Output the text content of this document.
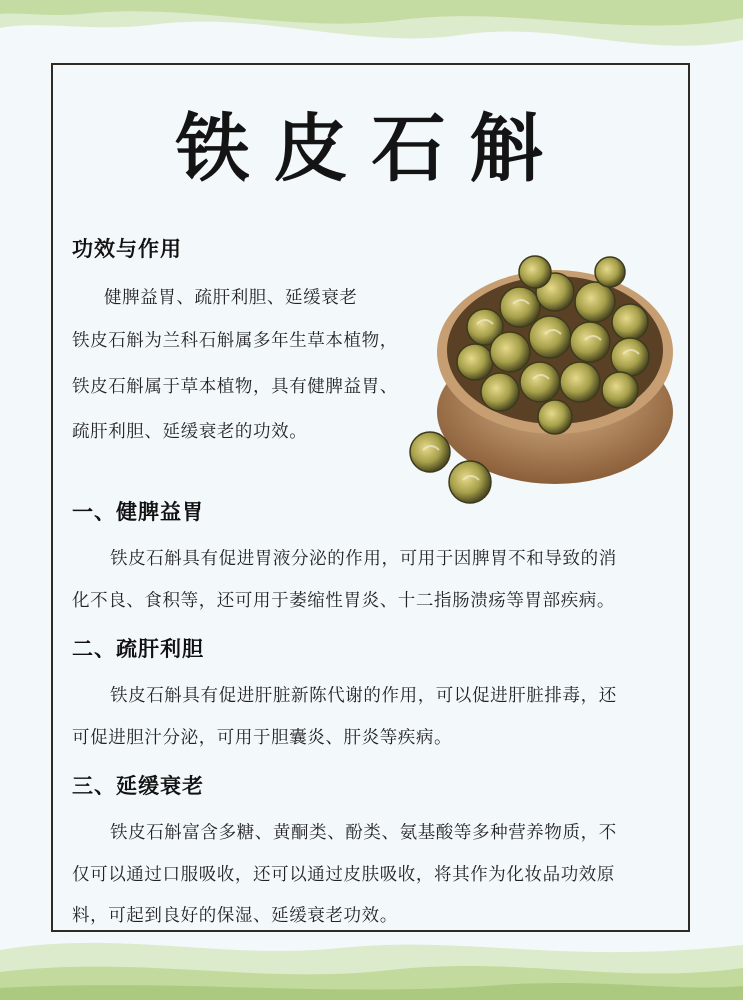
铁皮石斛
功效与作用
健脾益胃、疏肝利胆、延缓衰老
铁皮石斛为兰科石斛属多年生草本植物，
铁皮石斛属于草本植物，具有健脾益胃、
疏肝利胆、延缓衰老的功效。
一、健脾益胃
铁皮石斛具有促进胃液分泌的作用，可用于因脾胃不和导致的消
化不良、食积等，还可用于萎缩性胃炎、十二指肠溃疡等胃部疾病。
二、疏肝利胆
铁皮石斛具有促进肝脏新陈代谢的作用，可以促进肝脏排毒，还
可促进胆汁分泌，可用于胆囊炎、肝炎等疾病。
三、延缓衰老
铁皮石斛富含多糖、黄酮类、酚类、氨基酸等多种营养物质，不
仅可以通过口服吸收，还可以通过皮肤吸收，将其作为化妆品功效原
料，可起到良好的保湿、延缓衰老功效。
